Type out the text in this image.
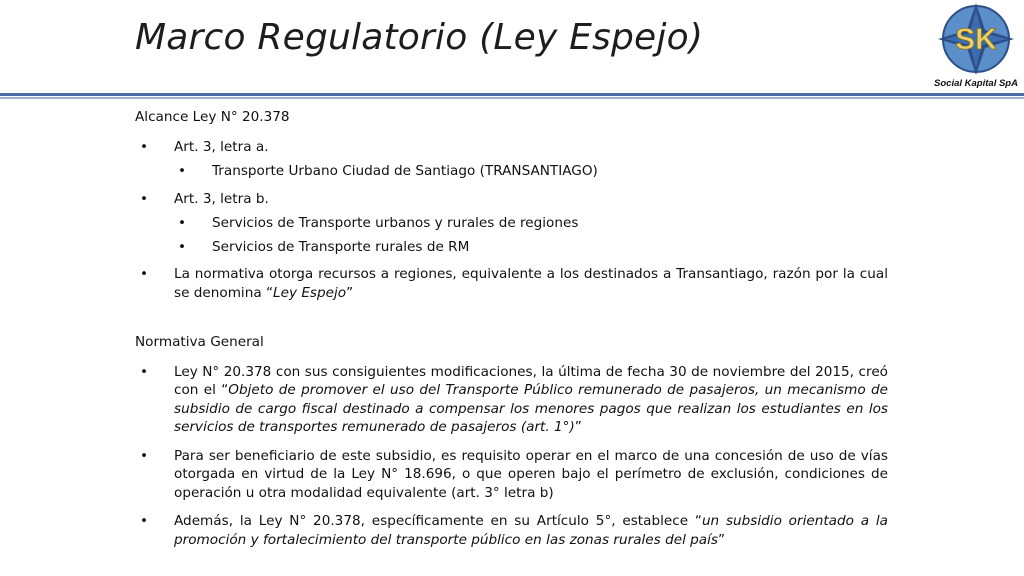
Marco Regulatorio (Ley Espejo)	SK
Social Kapital SpA
Alcance Ley N° 20.378
• Art. 3, letra a.
• Transporte Urbano Ciudad de Santiago (TRANSANTIAGO)
• Art. 3, letra b.
• Servicios de Transporte urbanos y rurales de regiones
• Servicios de Transporte rurales de RM
• La normativa otorga recursos a regiones, equivalente a los destinados a Transantiago, razón por la cual se denomina “Ley Espejo”
Normativa General
• Ley N° 20.378 con sus consiguientes modificaciones, la última de fecha 30 de noviembre del 2015, creó con el “Objeto de promover el uso del Transporte Público remunerado de pasajeros, un mecanismo de subsidio de cargo fiscal destinado a compensar los menores pagos que realizan los estudiantes en los servicios de transportes remunerado de pasajeros (art. 1°)”
• Para ser beneficiario de este subsidio, es requisito operar en el marco de una concesión de uso de vías otorgada en virtud de la Ley N° 18.696, o que operen bajo el perímetro de exclusión, condiciones de operación u otra modalidad equivalente (art. 3° letra b)
• Además, la Ley N° 20.378, específicamente en su Artículo 5°, establece “un subsidio orientado a la promoción y fortalecimiento del transporte público en las zonas rurales del país”
